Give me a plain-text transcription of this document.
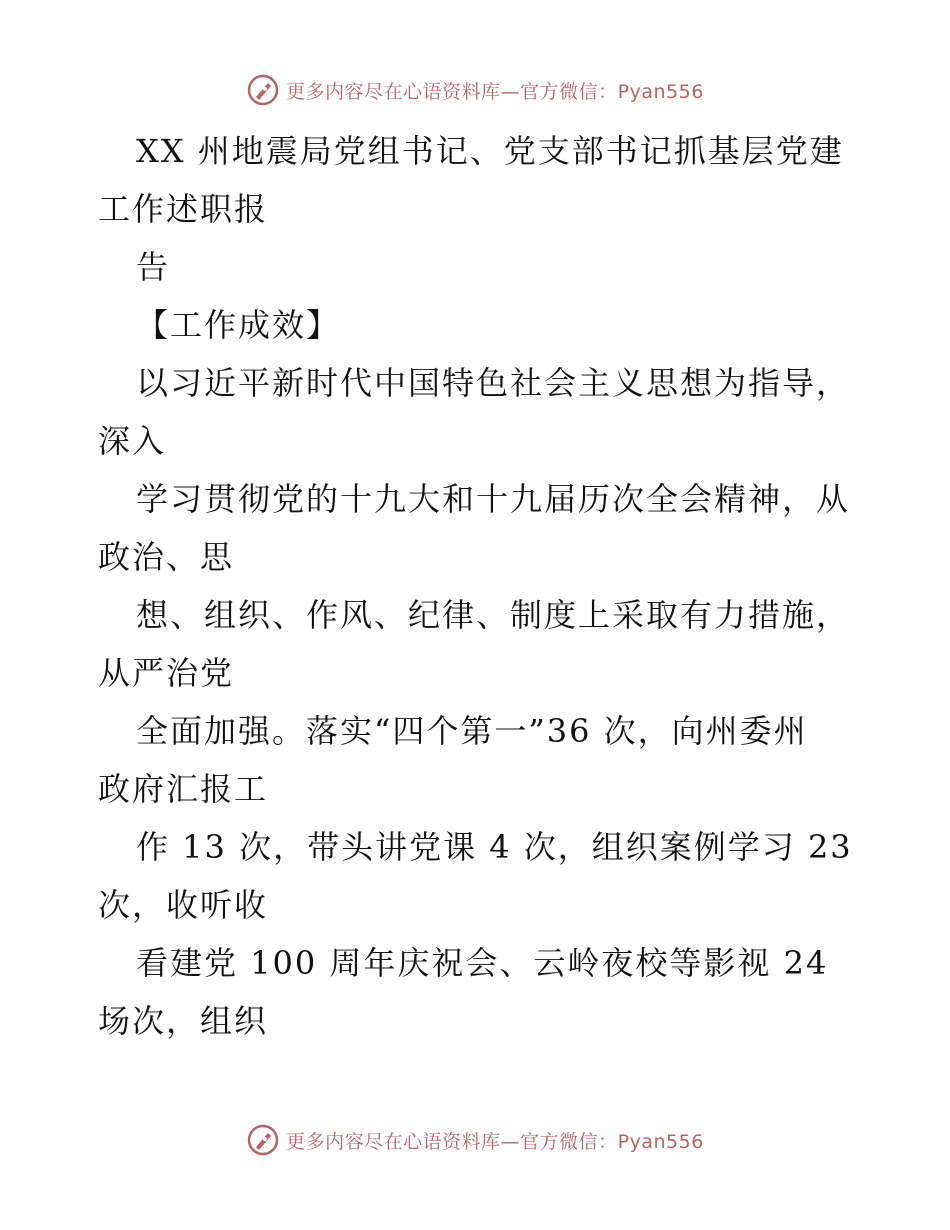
更多内容尽在心语资料库—官方微信：Pyan556
XX 州地震局党组书记、党支部书记抓基层党建
工作述职报
告
【工作成效】
以习近平新时代中国特色社会主义思想为指导，
深入
学习贯彻党的十九大和十九届历次全会精神，从
政治、思
想、组织、作风、纪律、制度上采取有力措施，
从严治党
全面加强。落实“四个第一”36 次，向州委州
政府汇报工
作 13 次，带头讲党课 4 次，组织案例学习 23
次，收听收
看建党 100 周年庆祝会、云岭夜校等影视 24
场次，组织
更多内容尽在心语资料库—官方微信：Pyan556
